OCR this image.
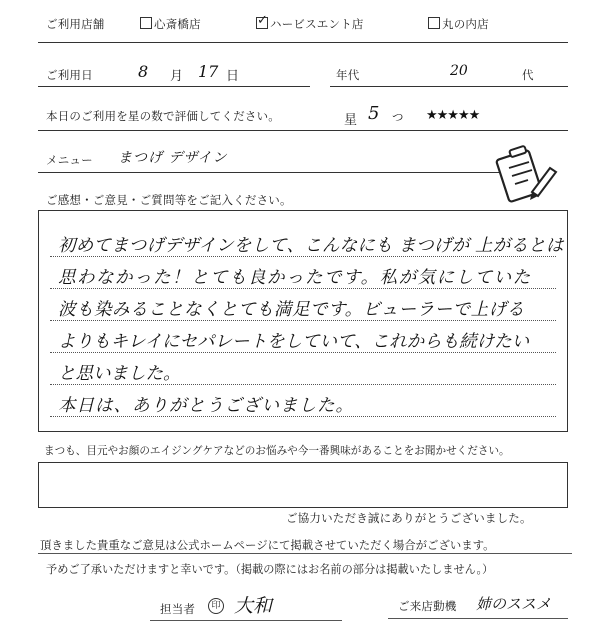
ご利用店舗	心斎橋店
✓	ハービスエント店	丸の内店
ご利用日	8 月 17 日	年代	20	代
本日のご利用を星の数で評価してください。	星 5 つ ★★★★★
メニュー まつげ デザイン
ご感想・ご意見・ご質問等をご記入ください。
初めてまつげデザインをして、こんなにも まつげが 上がるとは
思わなかった！とても良かったです。私が気にしていた
波も染みることなくとても満足です。ビューラーで上げる
よりもキレイにセパレートをしていて、これからも続けたい
と思いました。
本日は、ありがとうございました。
まつも、目元やお顔のエイジングケアなどのお悩みや今一番興味があることをお聞かせください。
ご協力いただき誠にありがとうございました。
頂きました貴重なご意見は公式ホームページにて掲載させていただく場合がございます。
予めご了承いただけますと幸いです。（掲載の際にはお名前の部分は掲載いたしません。）
担当者	印 大和	ご来店動機 姉のススメ
